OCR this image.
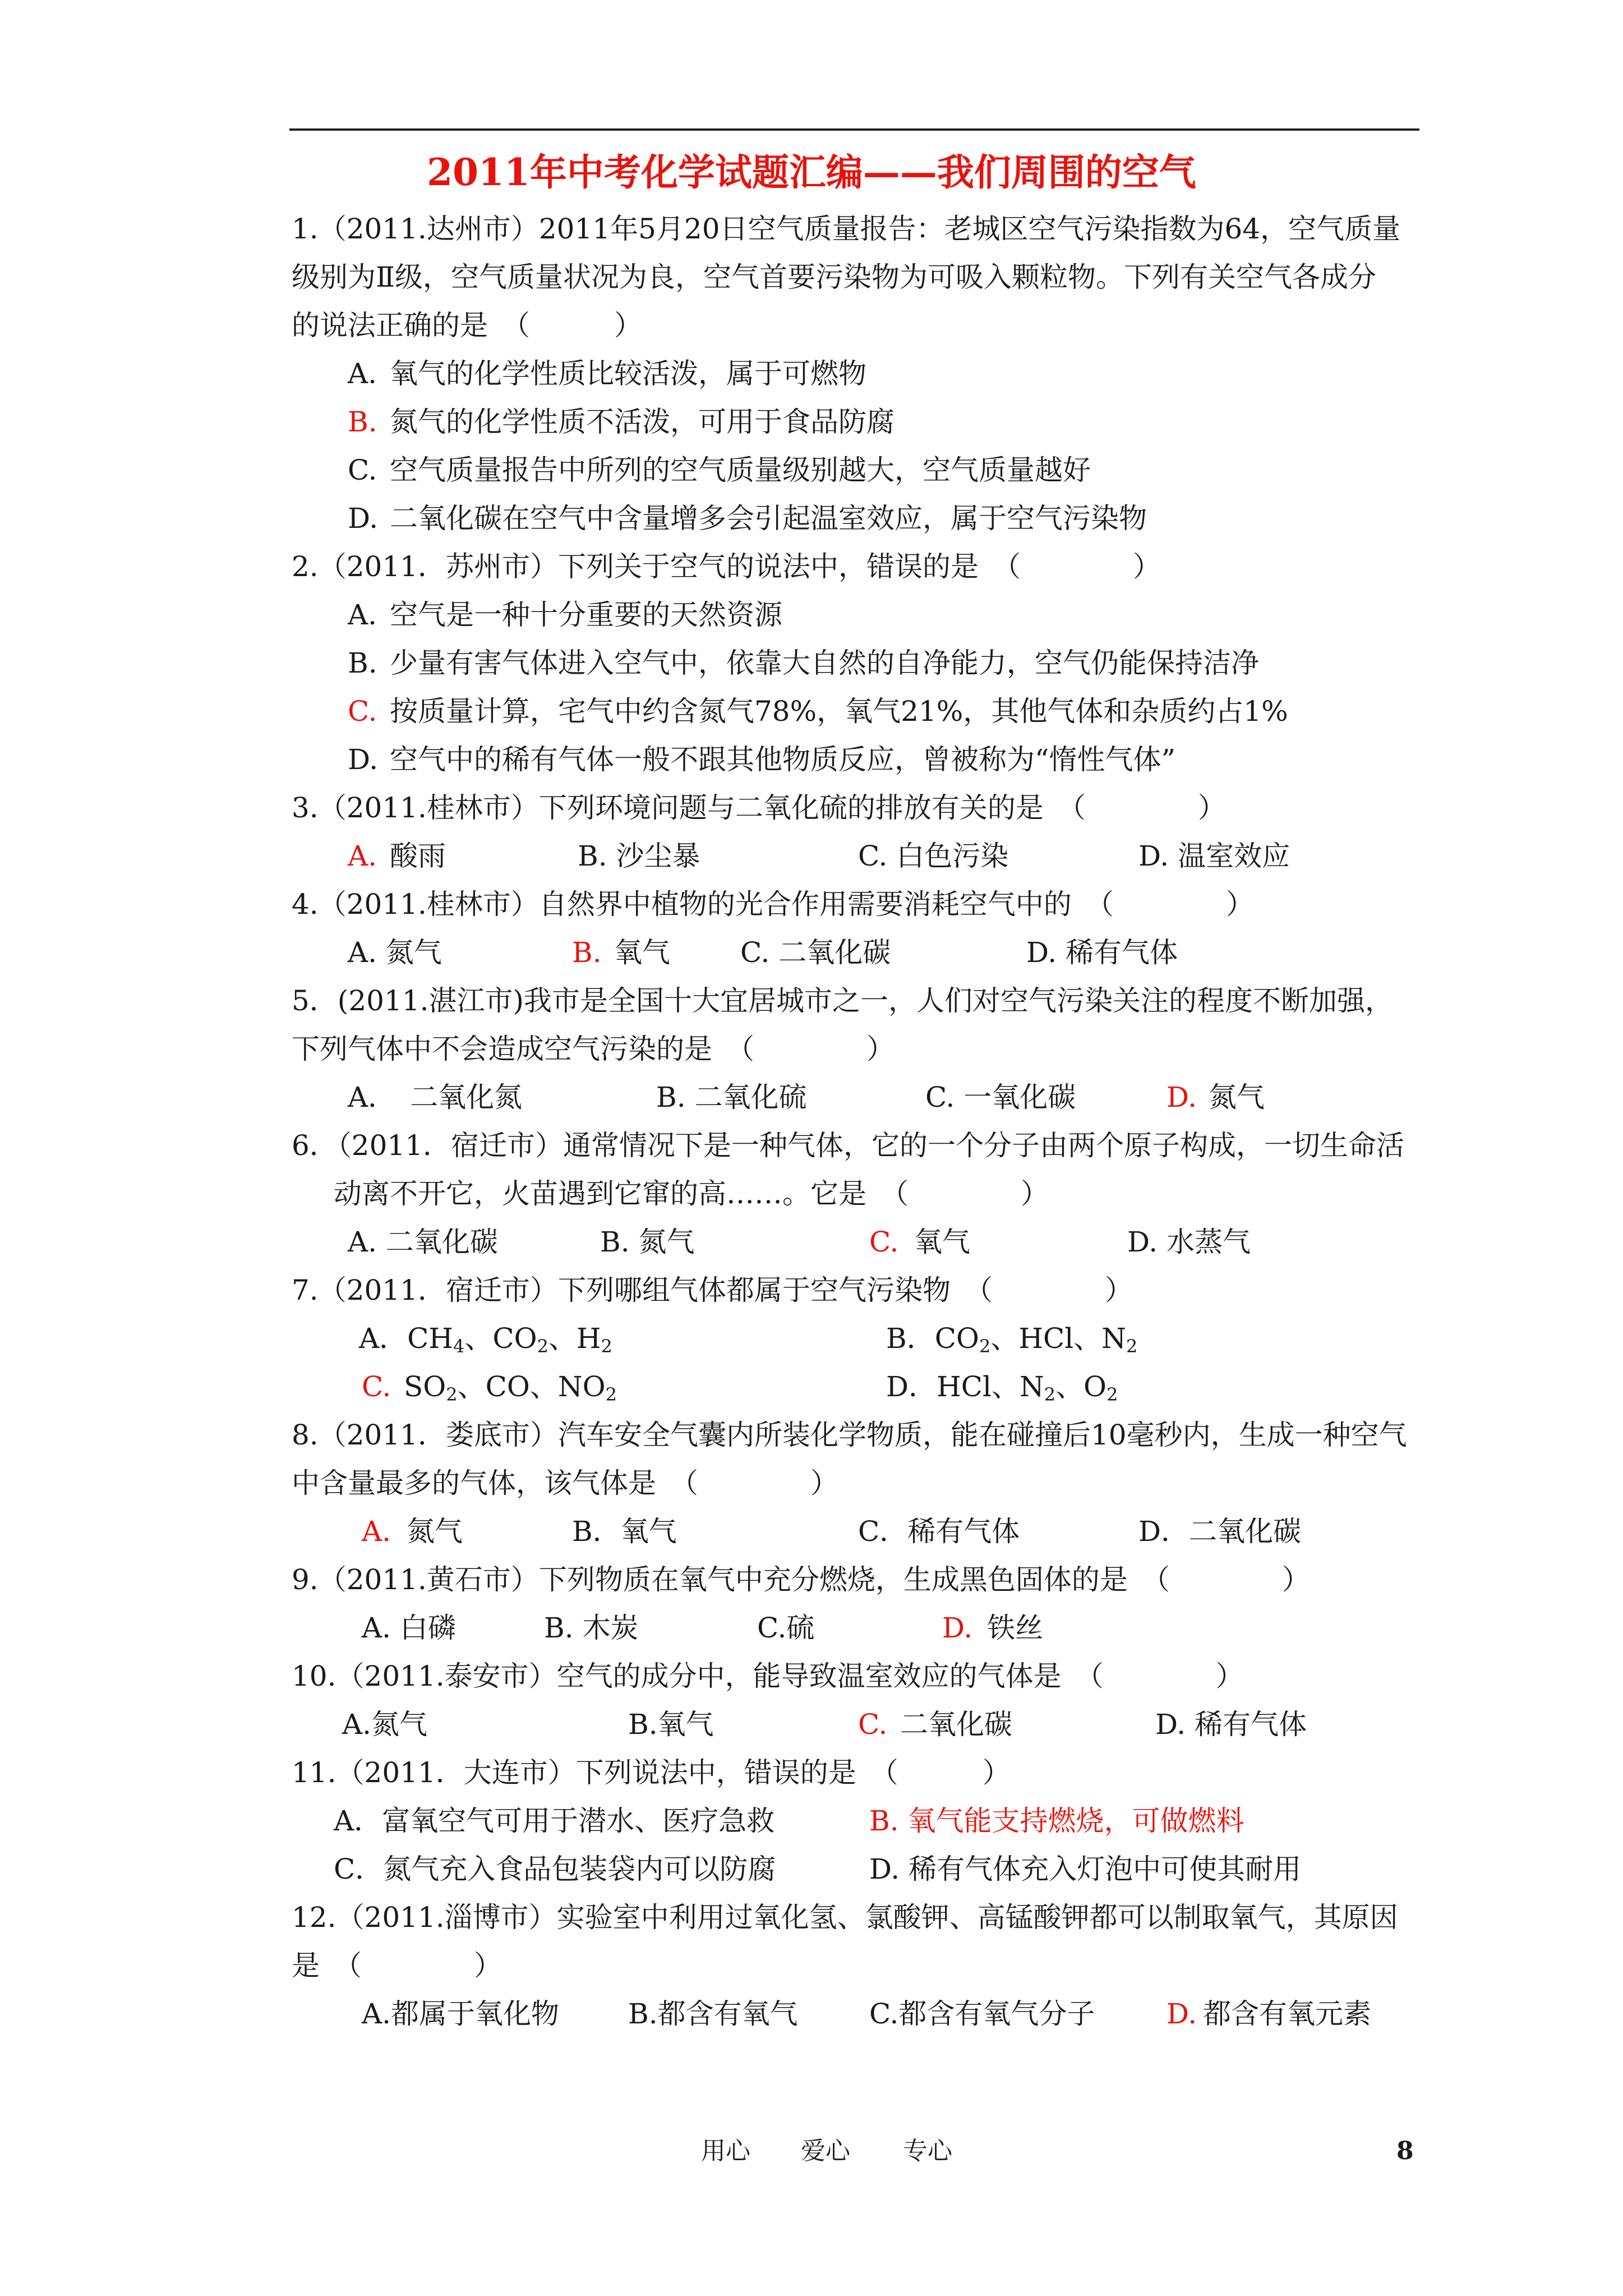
2011年中考化学试题汇编——我们周围的空气
1.（2011.达州市）2011年5月20日空气质量报告：老城区空气污染指数为64，空气质量
级别为Ⅱ级，空气质量状况为良，空气首要污染物为可吸入颗粒物。下列有关空气各成分
的说法正确的是　（　　　）
A. 氧气的化学性质比较活泼，属于可燃物
B. 氮气的化学性质不活泼，可用于食品防腐
C. 空气质量报告中所列的空气质量级别越大，空气质量越好
D. 二氧化碳在空气中含量增多会引起温室效应，属于空气污染物
2.（2011．苏州市）下列关于空气的说法中，错误的是　（　　　　）
A. 空气是一种十分重要的天然资源
B. 少量有害气体进入空气中，依靠大自然的自净能力，空气仍能保持洁净
C. 按质量计算，宅气中约含氮气78%，氧气21%，其他气体和杂质约占1%
D. 空气中的稀有气体一般不跟其他物质反应，曾被称为“惰性气体”
3.（2011.桂林市）下列环境问题与二氧化硫的排放有关的是　（　　　　）
A. 酸雨	B. 沙尘暴	C. 白色污染	D. 温室效应
4.（2011.桂林市）自然界中植物的光合作用需要消耗空气中的　（　　　　）
A. 氮气	B. 氧气	C. 二氧化碳	D. 稀有气体
5．(2011.湛江市)我市是全国十大宜居城市之一，人们对空气污染关注的程度不断加强，
下列气体中不会造成空气污染的是　（　　　　）
A．　二氧化氮	B. 二氧化硫	C. 一氧化碳	D. 氮气
6．（2011．宿迁市）通常情况下是一种气体，它的一个分子由两个原子构成，一切生命活
动离不开它，火苗遇到它窜的高……。它是　（　　　　）
A. 二氧化碳	B. 氮气	C. 氧气	D. 水蒸气
7.（2011．宿迁市）下列哪组气体都属于空气污染物　（　　　　）
A．$CH_4$、$CO_2$、$H_2$	B．$CO_2$、HCl、$N_2$
C. $SO_2$、CO、$NO_2$	D．HCl、$N_2$、$O_2$
8.（2011．娄底市）汽车安全气囊内所装化学物质，能在碰撞后10毫秒内，生成一种空气
中含量最多的气体，该气体是　（　　　　）
A. 氮气	B．氧气	C．稀有气体	D．二氧化碳
9.（2011.黄石市）下列物质在氧气中充分燃烧，生成黑色固体的是　（　　　　）
A. 白磷	B. 木炭	C.硫	D. 铁丝
10.（2011.泰安市）空气的成分中，能导致温室效应的气体是　（　　　　）
A.氮气	B.氧气	C. 二氧化碳	D. 稀有气体
11.（2011．大连市）下列说法中，错误的是　（　　　）
A．富氧空气可用于潜水、医疗急救	B. 氧气能支持燃烧，可做燃料
C．氮气充入食品包装袋内可以防腐	D. 稀有气体充入灯泡中可使其耐用
12.（2011.淄博市）实验室中利用过氧化氢、氯酸钾、高锰酸钾都可以制取氧气，其原因
是　（　　　　）
A.都属于氧化物 B.都含有氧气	C.都含有氧气分子	D. 都含有氧元素
用心 爱心 专心	8
